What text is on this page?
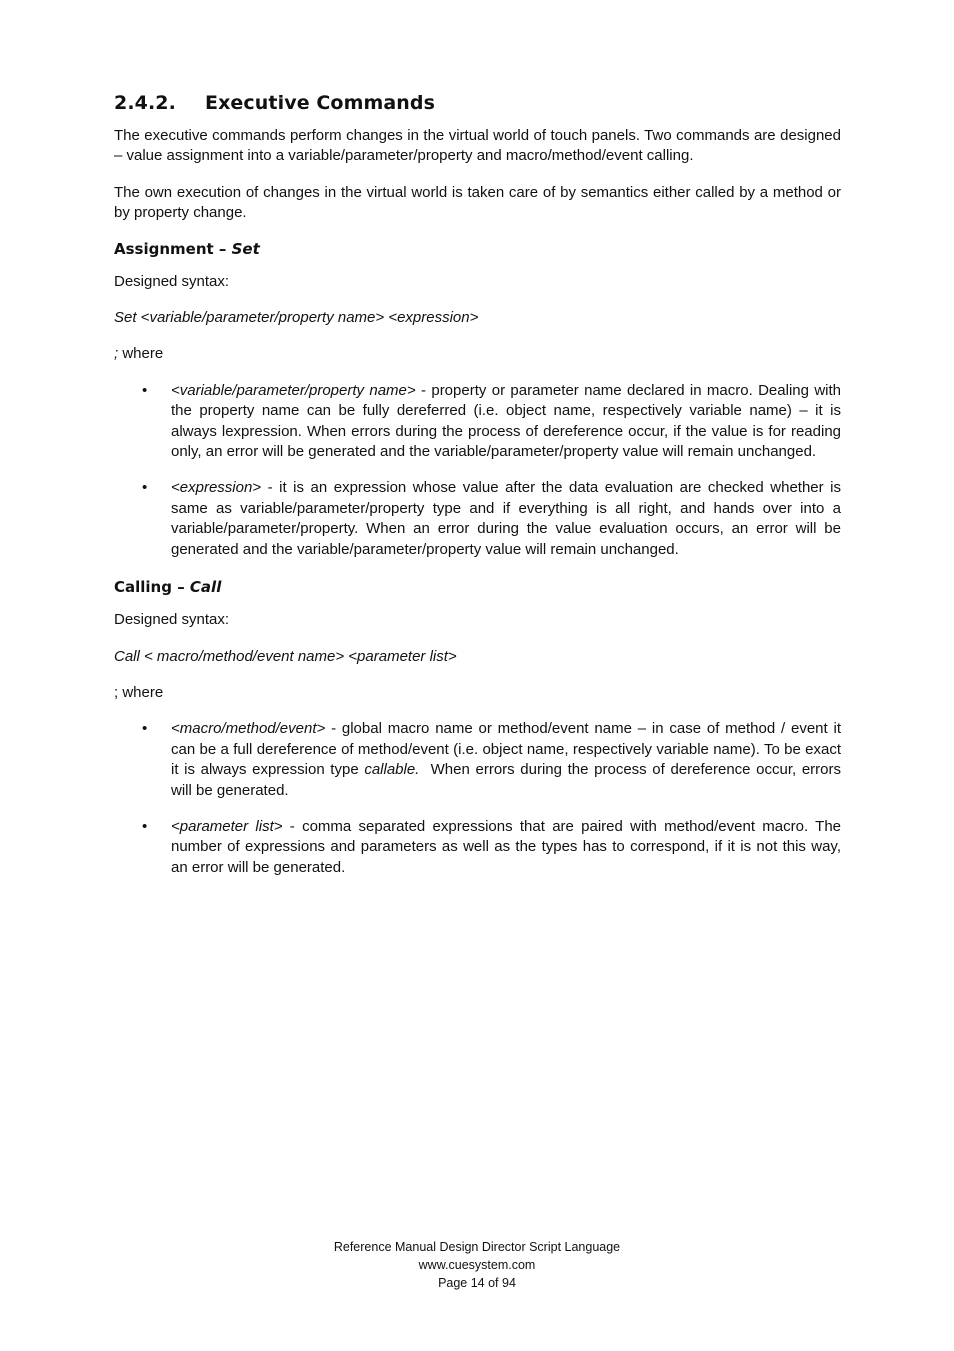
2.4.2. Executive Commands

The executive commands perform changes in the virtual world of touch panels. Two commands are designed – value assignment into a variable/parameter/property and macro/method/event calling.

The own execution of changes in the virtual world is taken care of by semantics either called by a method or by property change.

Assignment – Set

Designed syntax:

Set <variable/parameter/property name> <expression>

; where

• <variable/parameter/property name> - property or parameter name declared in macro. Dealing with the property name can be fully dereferred (i.e. object name, respectively variable name) – it is always lexpression. When errors during the process of dereference occur, if the value is for reading only, an error will be generated and the variable/parameter/property value will remain unchanged.
• <expression> - it is an expression whose value after the data evaluation are checked whether is same as variable/parameter/property type and if everything is all right, and hands over into a variable/parameter/property. When an error during the value evaluation occurs, an error will be generated and the variable/parameter/property value will remain unchanged.
Calling – Call

Designed syntax:

Call < macro/method/event name> <parameter list>

; where

• <macro/method/event> - global macro name or method/event name – in case of method / event it can be a full dereference of method/event (i.e. object name, respectively variable name). To be exact it is always expression type callable.  When errors during the process of dereference occur, errors will be generated.
• <parameter list> - comma separated expressions that are paired with method/event macro. The number of expressions and parameters as well as the types has to correspond, if it is not this way, an error will be generated.
Reference Manual Design Director Script Language
www.cuesystem.com
Page 14 of 94
